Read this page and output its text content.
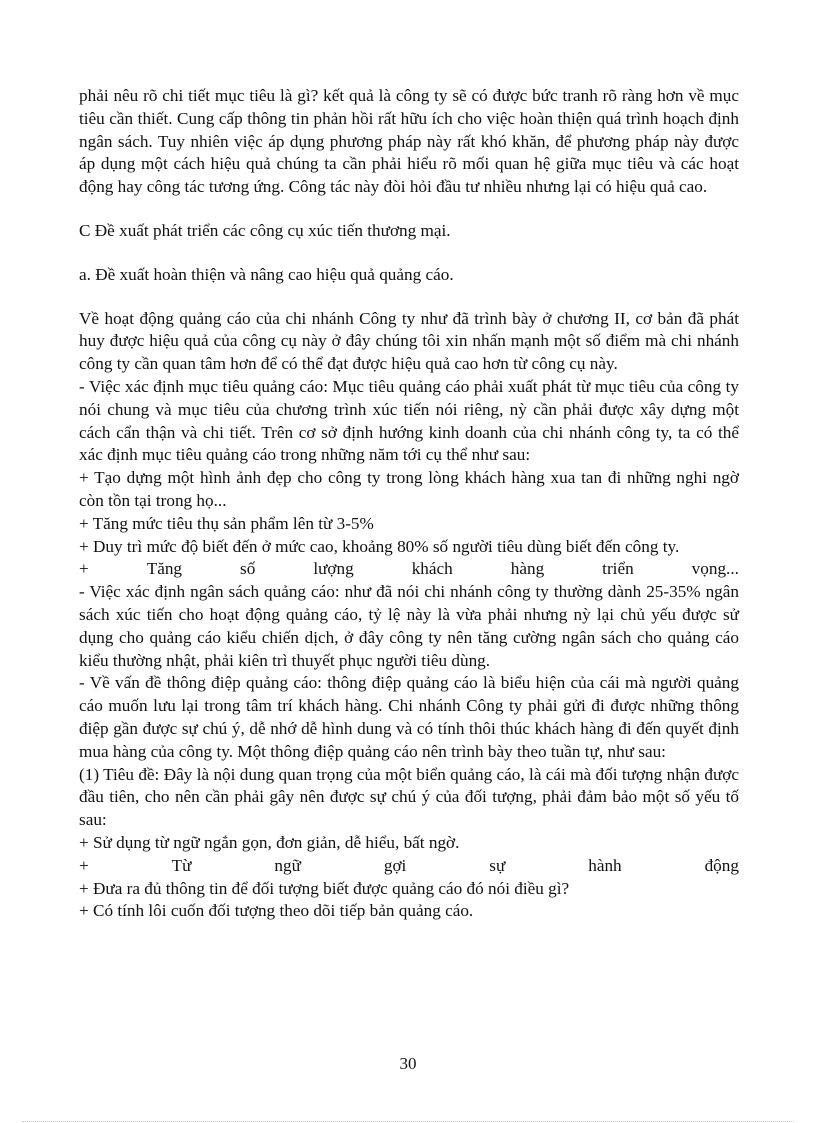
phải nêu rõ chi tiết mục tiêu là gì? kết quả là công ty sẽ có được bức tranh rõ ràng hơn về mục tiêu cần thiết. Cung cấp thông tin phản hồi rất hữu ích cho việc hoàn thiện quá trình hoạch định ngân sách. Tuy nhiên việc áp dụng phương pháp này rất khó khăn, để phương pháp này được áp dụng một cách hiệu quả chúng ta cần phải hiểu rõ mối quan hệ giữa mục tiêu và các hoạt động hay công tác tương ứng. Công tác này đòi hỏi đầu tư nhiều nhưng lại có hiệu quả cao.

C Đề xuất phát triển các công cụ xúc tiến thương mại.

a. Đề xuất hoàn thiện và nâng cao hiệu quả quảng cáo.

Về hoạt động quảng cáo của chi nhánh Công ty như đã trình bày ở chương II, cơ bản đã phát huy được hiệu quả của công cụ này ở đây chúng tôi xin nhấn mạnh một số điểm mà chi nhánh công ty cần quan tâm hơn để có thể đạt được hiệu quả cao hơn từ công cụ này.

- Việc xác định mục tiêu quảng cáo: Mục tiêu quảng cáo phải xuất phát từ mục tiêu của công ty nói chung và mục tiêu của chương trình xúc tiến nói riêng, nỳ cần phải được xây dựng một cách cẩn thận và chi tiết. Trên cơ sở định hướng kinh doanh của chi nhánh công ty, ta có thể xác định mục tiêu quảng cáo trong những năm tới cụ thể như sau:

+ Tạo dựng một hình ảnh đẹp cho công ty trong lòng khách hàng xua tan đi những nghi ngờ còn tồn tại trong họ...

+ Tăng mức tiêu thụ sản phẩm lên từ 3-5%

+ Duy trì mức độ biết đến ở mức cao, khoảng 80% số người tiêu dùng biết đến công ty.

+	Tăng	số	lượng	khách	hàng	triển	vọng...

- Việc xác định ngân sách quảng cáo: như đã nói chi nhánh công ty thường dành 25-35% ngân sách xúc tiến cho hoạt động quảng cáo, tỷ lệ này là vừa phải nhưng nỳ lại chủ yếu được sử dụng cho quảng cáo kiểu chiến dịch, ở đây công ty nên tăng cường ngân sách cho quảng cáo kiểu thường nhật, phải kiên trì thuyết phục người tiêu dùng.

- Về vấn đề thông điệp quảng cáo: thông điệp quảng cáo là biểu hiện của cái mà người quảng cáo muốn lưu lại trong tâm trí khách hàng. Chi nhánh Công ty phải gửi đi được những thông điệp gần được sự chú ý, dễ nhớ dễ hình dung và có tính thôi thúc khách hàng đi đến quyết định mua hàng của công ty. Một thông điệp quảng cáo nên trình bày theo tuần tự, như sau:

(1) Tiêu đề: Đây là nội dung quan trọng của một biển quảng cáo, là cái mà đối tượng nhận được đầu tiên, cho nên cần phải gây nên được sự chú ý của đối tượng, phải đảm bảo một số yếu tố sau:

+ Sử dụng từ ngữ ngắn gọn, đơn giản, dễ hiểu, bất ngờ.

+	Từ	ngữ	gợi	sự	hành	động

+ Đưa ra đủ thông tin để đối tượng biết được quảng cáo đó nói điều gì?

+ Có tính lôi cuốn đối tượng theo dõi tiếp bản quảng cáo.

30
